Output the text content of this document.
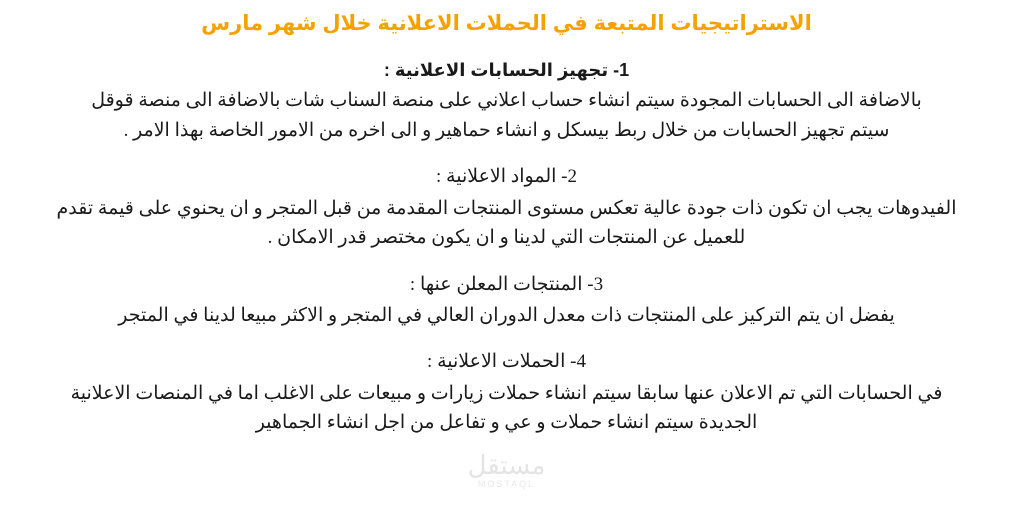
الاستراتيجيات المتبعة في الحملات الاعلانية خلال شهر مارس
1- تجهيز الحسابات الاعلانية :

بالاضافة الى الحسابات المجودة سيتم انشاء حساب اعلاني على منصة السناب شات بالاضافة الى منصة قوقل

سيتم تجهيز الحسابات من خلال ربط بيسكل و انشاء حماهير و الى اخره من الامور الخاصة بهذا الامر .

2- المواد الاعلانية :

الفيدوهات يجب ان تكون ذات جودة عالية تعكس مستوى المنتجات المقدمة من قبل المتجر و ان يحنوي على قيمة تقدم

للعميل عن المنتجات التي لدينا و ان يكون مختصر قدر الامكان .

3- المنتجات المعلن عنها :

يفضل ان يتم التركيز على المنتجات ذات معدل الدوران العالي في المتجر و الاكثر مبيعا لدينا في المتجر

4- الحملات الاعلانية :

في الحسابات التي تم الاعلان عنها سابقا سيتم انشاء حملات زيارات و مبيعات على الاغلب اما في المنصات الاعلانية

الجديدة سيتم انشاء حملات و عي و تفاعل من اجل انشاء الجماهير

مستقل
MOSTAQL
